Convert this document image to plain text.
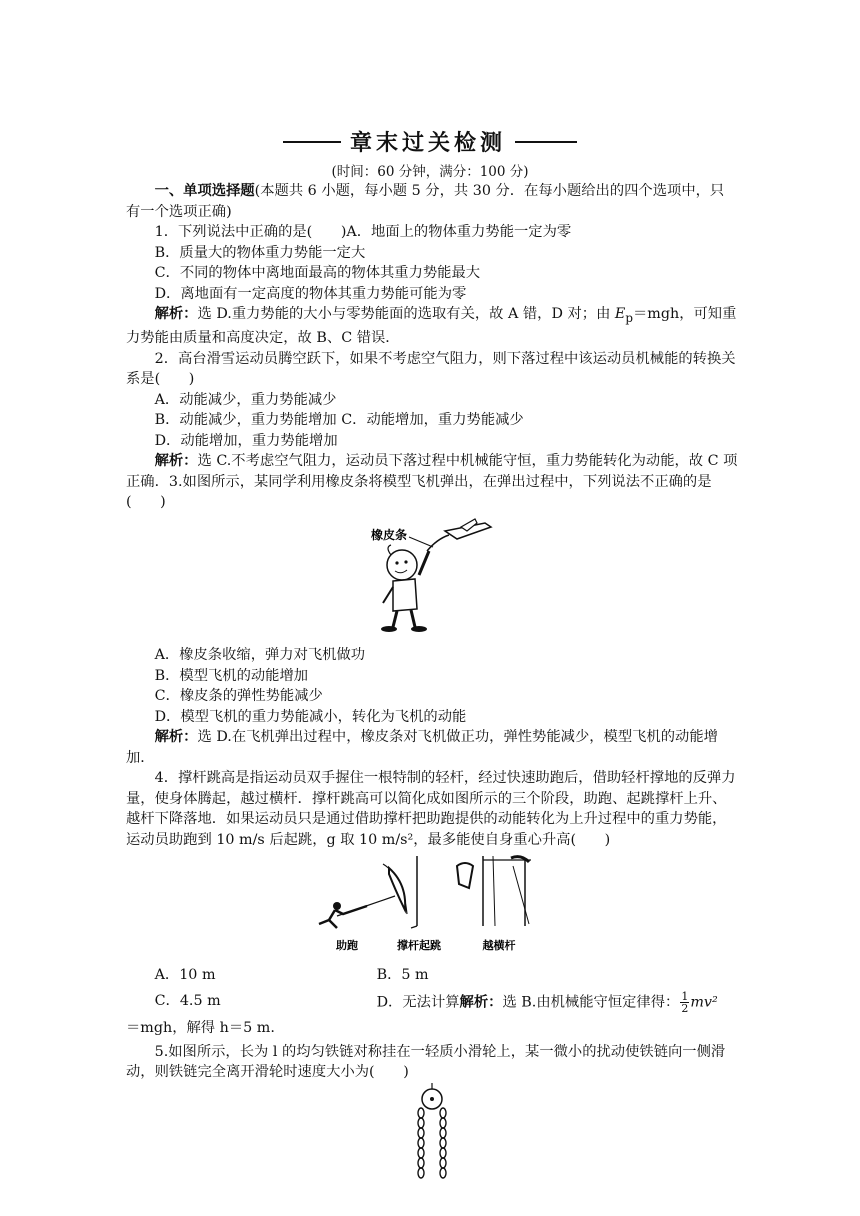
章末过关检测
(时间：60 分钟，满分：100 分)

一、单项选择题(本题共 6 小题，每小题 5 分，共 30 分．在每小题给出的四个选项中，只有一个选项正确)

1．下列说法中正确的是(　　)A．地面上的物体重力势能一定为零

B．质量大的物体重力势能一定大

C．不同的物体中离地面最高的物体其重力势能最大

D．离地面有一定高度的物体其重力势能可能为零

解析：选 D.重力势能的大小与零势能面的选取有关，故 A 错，D 对；由 $E_p=mgh$，可知重力势能由质量和高度决定，故 B、C 错误．

2．高台滑雪运动员腾空跃下，如果不考虑空气阻力，则下落过程中该运动员机械能的转换关系是(　　)

A．动能减少，重力势能减少

B．动能减少，重力势能增加 C．动能增加，重力势能减少

D．动能增加，重力势能增加

解析：选 C.不考虑空气阻力，运动员下落过程中机械能守恒，重力势能转化为动能，故 C 项正确．3.如图所示，某同学利用橡皮条将模型飞机弹出，在弹出过程中，下列说法不正确的是(　　)

橡皮条

A．橡皮条收缩，弹力对飞机做功

B．模型飞机的动能增加

C．橡皮条的弹性势能减少

D．模型飞机的重力势能减小，转化为飞机的动能

解析：选 D.在飞机弹出过程中，橡皮条对飞机做正功，弹性势能减少，模型飞机的动能增加．

4．撑杆跳高是指运动员双手握住一根特制的轻杆，经过快速助跑后，借助轻杆撑地的反弹力量，使身体腾起，越过横杆．撑杆跳高可以简化成如图所示的三个阶段，助跑、起跳撑杆上升、越杆下降落地．如果运动员只是通过借助撑杆把助跑提供的动能转化为上升过程中的重力势能，运动员助跑到 10 m/s 后起跳，g 取 10 m/s²，最多能使自身重心升高(　　)

助跑	撑杆起跳	越横杆
A．10 m	B．5 m
C．4.5 m	D．无法计算解析：选 B.由机械能守恒定律得： $\frac{1}{2} mv^2$

＝mgh，解得 h＝5 m.

5.如图所示，长为 l 的均匀铁链对称挂在一轻质小滑轮上，某一微小的扰动使铁链向一侧滑动，则铁链完全离开滑轮时速度大小为(　　)
